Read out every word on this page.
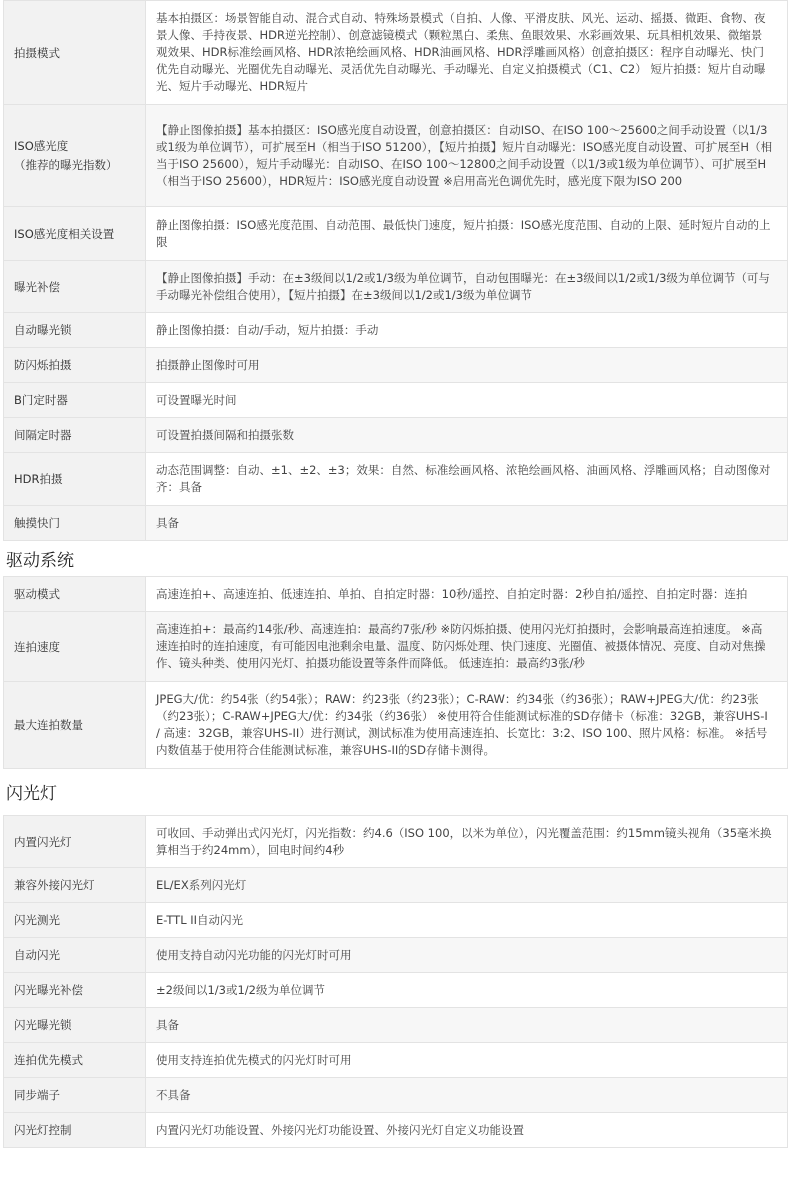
拍摄模式	基本拍摄区：场景智能自动、混合式自动、特殊场景模式（自拍、人像、平滑皮肤、风光、运动、摇摄、微距、食物、夜景人像、手持夜景、HDR逆光控制）、创意滤镜模式（颗粒黑白、柔焦、鱼眼效果、水彩画效果、玩具相机效果、微缩景观效果、HDR标准绘画风格、HDR浓艳绘画风格、HDR油画风格、HDR浮雕画风格）创意拍摄区：程序自动曝光、快门优先自动曝光、光圈优先自动曝光、灵活优先自动曝光、手动曝光、自定义拍摄模式（C1、C2） 短片拍摄：短片自动曝光、短片手动曝光、HDR短片

ISO感光度
（推荐的曝光指数）	【静止图像拍摄】基本拍摄区：ISO感光度自动设置，创意拍摄区：自动ISO、在ISO 100～25600之间手动设置（以1/3或1级为单位调节），可扩展至H（相当于ISO 51200），【短片拍摄】短片自动曝光：ISO感光度自动设置、可扩展至H（相当于ISO 25600），短片手动曝光：自动ISO、在ISO 100～12800之间手动设置（以1/3或1级为单位调节）、可扩展至H（相当于ISO 25600），HDR短片：ISO感光度自动设置 ※启用高光色调优先时，感光度下限为ISO 200
ISO感光度相关设置	静止图像拍摄：ISO感光度范围、自动范围、最低快门速度，短片拍摄：ISO感光度范围、自动的上限、延时短片自动的上限
曝光补偿	【静止图像拍摄】手动：在±3级间以1/2或1/3级为单位调节，自动包围曝光：在±3级间以1/2或1/3级为单位调节（可与手动曝光补偿组合使用），【短片拍摄】在±3级间以1/2或1/3级为单位调节
自动曝光锁	静止图像拍摄：自动/手动，短片拍摄：手动
防闪烁拍摄	拍摄静止图像时可用
B门定时器	可设置曝光时间
间隔定时器	可设置拍摄间隔和拍摄张数
HDR拍摄	动态范围调整：自动、±1、±2、±3；效果：自然、标准绘画风格、浓艳绘画风格、油画风格、浮雕画风格；自动图像对齐：具备
触摸快门	具备
驱动系统
驱动模式	高速连拍+、高速连拍、低速连拍、单拍、自拍定时器：10秒/遥控、自拍定时器：2秒自拍/遥控、自拍定时器：连拍
连拍速度	高速连拍+：最高约14张/秒、高速连拍：最高约7张/秒 ※防闪烁拍摄、使用闪光灯拍摄时，会影响最高连拍速度。 ※高速连拍时的连拍速度，有可能因电池剩余电量、温度、防闪烁处理、快门速度、光圈值、被摄体情况、亮度、自动对焦操作、镜头种类、使用闪光灯、拍摄功能设置等条件而降低。 低速连拍：最高约3张/秒
最大连拍数量	JPEG大/优：约54张（约54张）；RAW：约23张（约23张）；C-RAW：约34张（约36张）；RAW+JPEG大/优：约23张（约23张）；C-RAW+JPEG大/优：约34张（约36张） ※使用符合佳能测试标准的SD存储卡（标准：32GB，兼容UHS-I / 高速：32GB，兼容UHS-II）进行测试，测试标准为使用高速连拍、长宽比：3:2、ISO 100、照片风格：标准。 ※括号内数值基于使用符合佳能测试标准，兼容UHS-II的SD存储卡测得。
闪光灯
内置闪光灯	可收回、手动弹出式闪光灯，闪光指数：约4.6（ISO 100，以米为单位），闪光覆盖范围：约15mm镜头视角（35毫米换算相当于约24mm），回电时间约4秒
兼容外接闪光灯	EL/EX系列闪光灯
闪光测光	E-TTL II自动闪光
自动闪光	使用支持自动闪光功能的闪光灯时可用
闪光曝光补偿	±2级间以1/3或1/2级为单位调节
闪光曝光锁	具备
连拍优先模式	使用支持连拍优先模式的闪光灯时可用
同步端子	不具备
闪光灯控制	内置闪光灯功能设置、外接闪光灯功能设置、外接闪光灯自定义功能设置
